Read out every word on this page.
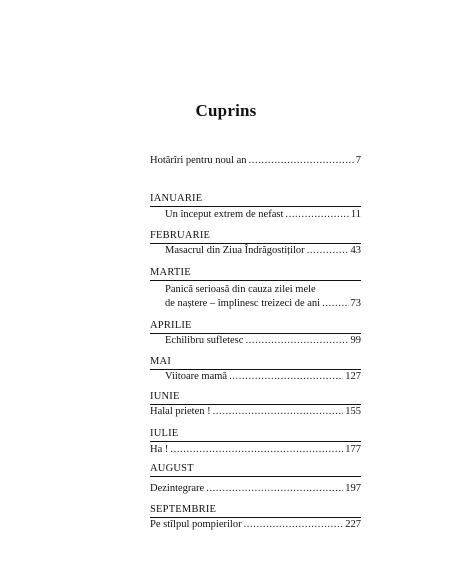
Cuprins
Hotărîri pentru noul an .....	7
IANUARIE
Un început extrem de nefast .....	11
FEBRUARIE
Masacrul din Ziua Îndrăgostiților .....	43
MARTIE
Panică serioasă din cauza zilei mele
de naștere – împlinesc treizeci de ani .....	73
APRILIE
Echilibru sufletesc .....	99
MAI
Viitoare mamă .....	127
IUNIE
Halal prieten ! .....	155
IULIE
Ha ! .....	177
AUGUST
Dezintegrare .....	197
SEPTEMBRIE
Pe stîlpul pompierilor .....	227
